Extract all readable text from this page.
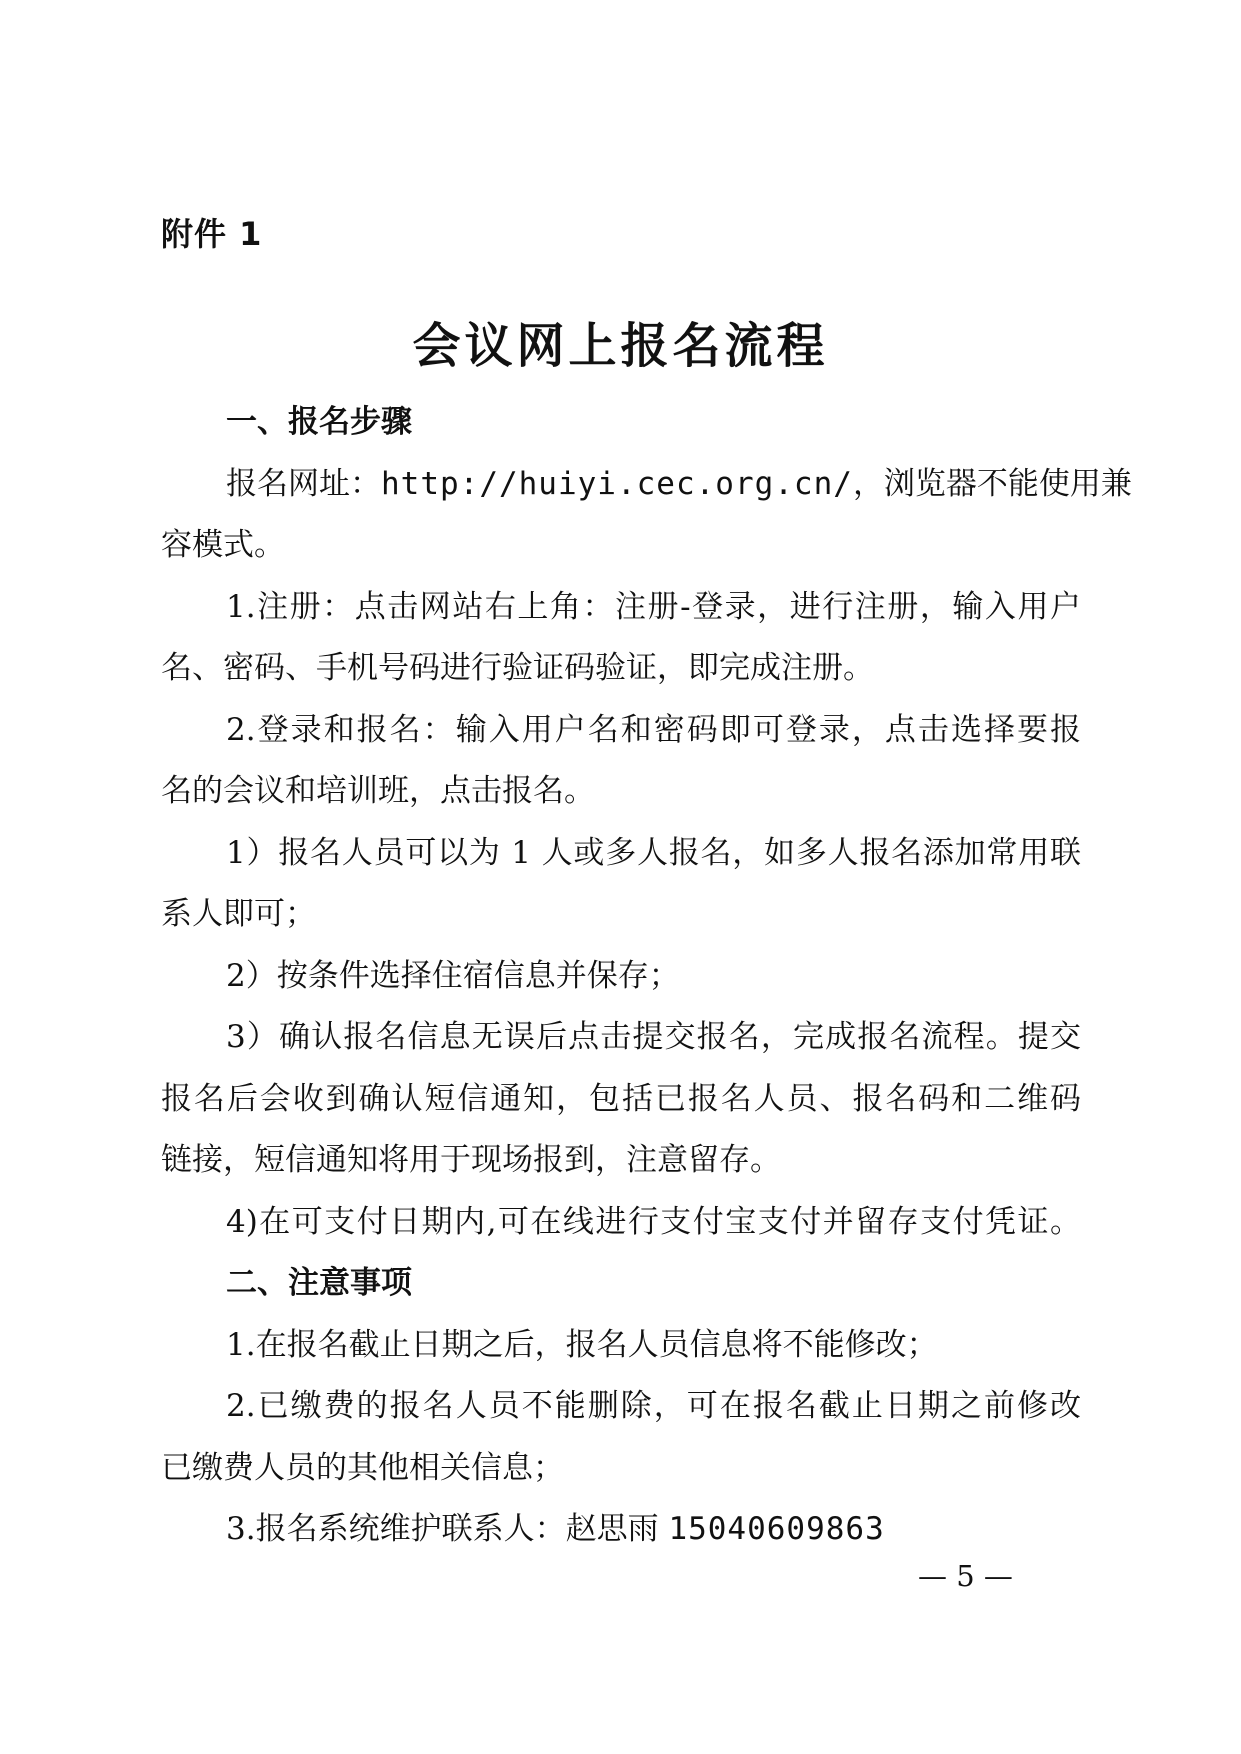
附件 1
会议网上报名流程
一、报名步骤
报名网址：http://huiyi.cec.org.cn/，浏览器不能使用兼
容模式。
1.注册：点击网站右上角：注册-登录，进行注册，输入用户
名、密码、手机号码进行验证码验证，即完成注册。
2.登录和报名：输入用户名和密码即可登录，点击选择要报
名的会议和培训班，点击报名。
1）报名人员可以为 1 人或多人报名，如多人报名添加常用联
系人即可；
2）按条件选择住宿信息并保存；
3）确认报名信息无误后点击提交报名，完成报名流程。提交
报名后会收到确认短信通知，包括已报名人员、报名码和二维码
链接，短信通知将用于现场报到，注意留存。
4)在可支付日期内,可在线进行支付宝支付并留存支付凭证。
二、注意事项
1.在报名截止日期之后，报名人员信息将不能修改；
2.已缴费的报名人员不能删除，可在报名截止日期之前修改
已缴费人员的其他相关信息；
3.报名系统维护联系人：赵思雨 15040609863
— 5 —
